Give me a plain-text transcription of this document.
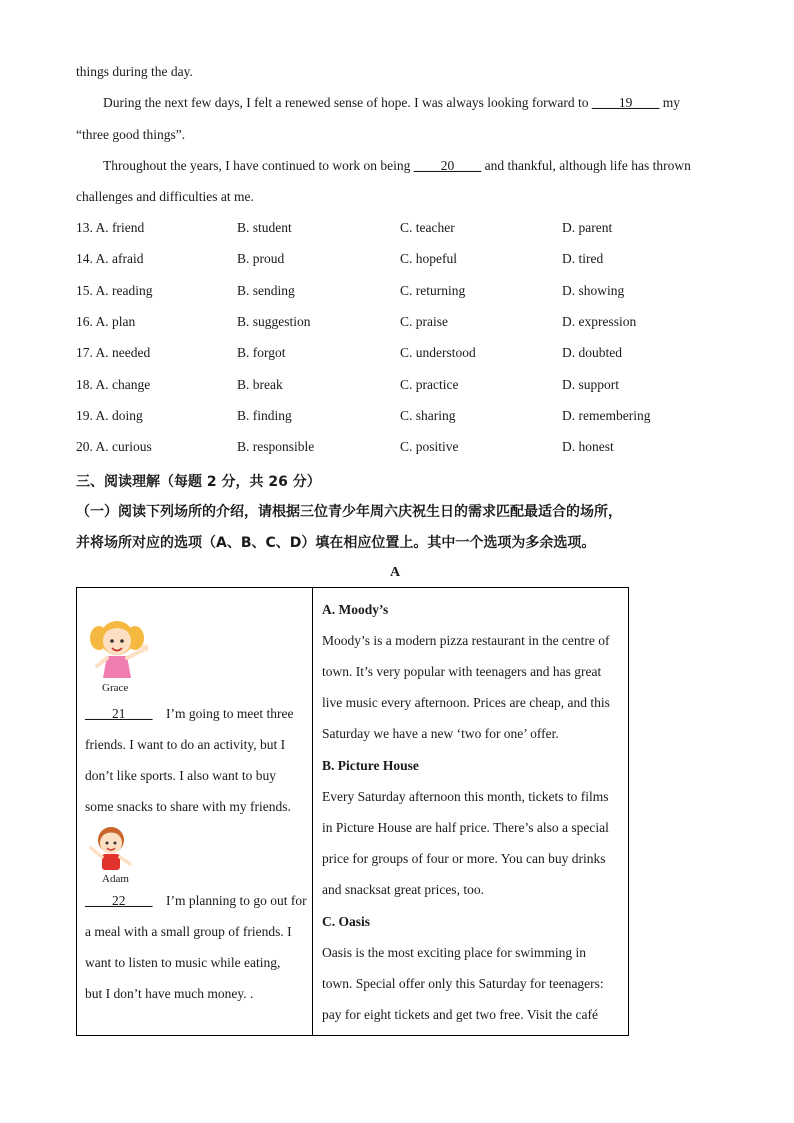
things during the day.
During the next few days, I felt a renewed sense of hope. I was always looking forward to ____19____ my
“three good things”.
Throughout the years, I have continued to work on being ____20____ and thankful, although life has thrown
challenges and difficulties at me.
13. A. friend	B. student	C. teacher	D. parent
14. A. afraid	B. proud	C. hopeful	D. tired
15. A. reading	B. sending	C. returning	D. showing
16. A. plan	B. suggestion	C. praise	D. expression
17. A. needed	B. forgot	C. understood	D. doubted
18. A. change	B. break	C. practice	D. support
19. A. doing	B. finding	C. sharing	D. remembering
20. A. curious	B. responsible	C. positive	D. honest
三、阅读理解（每题 2 分，共 26 分）
（一）阅读下列场所的介绍，请根据三位青少年周六庆祝生日的需求匹配最适合的场所，
并将场所对应的选项（A、B、C、D）填在相应位置上。其中一个选项为多余选项。
A
Grace
____21____ I’m going to meet three
friends. I want to do an activity, but I
don’t like sports. I also want to buy
some snacks to share with my friends.
Adam
____22____ I’m planning to go out for
a meal with a small group of friends. I
want to listen to music while eating,
but I don’t have much money. .
A. Moody’s
Moody’s is a modern pizza restaurant in the centre of
town. It’s very popular with teenagers and has great
live music every afternoon. Prices are cheap, and this
Saturday we have a new ‘two for one’ offer.
B. Picture House
Every Saturday afternoon this month, tickets to films
in Picture House are half price. There’s also a special
price for groups of four or more. You can buy drinks
and snacksat great prices, too.
C. Oasis
Oasis is the most exciting place for swimming in
town. Special offer only this Saturday for teenagers:
pay for eight tickets and get two free. Visit the café
